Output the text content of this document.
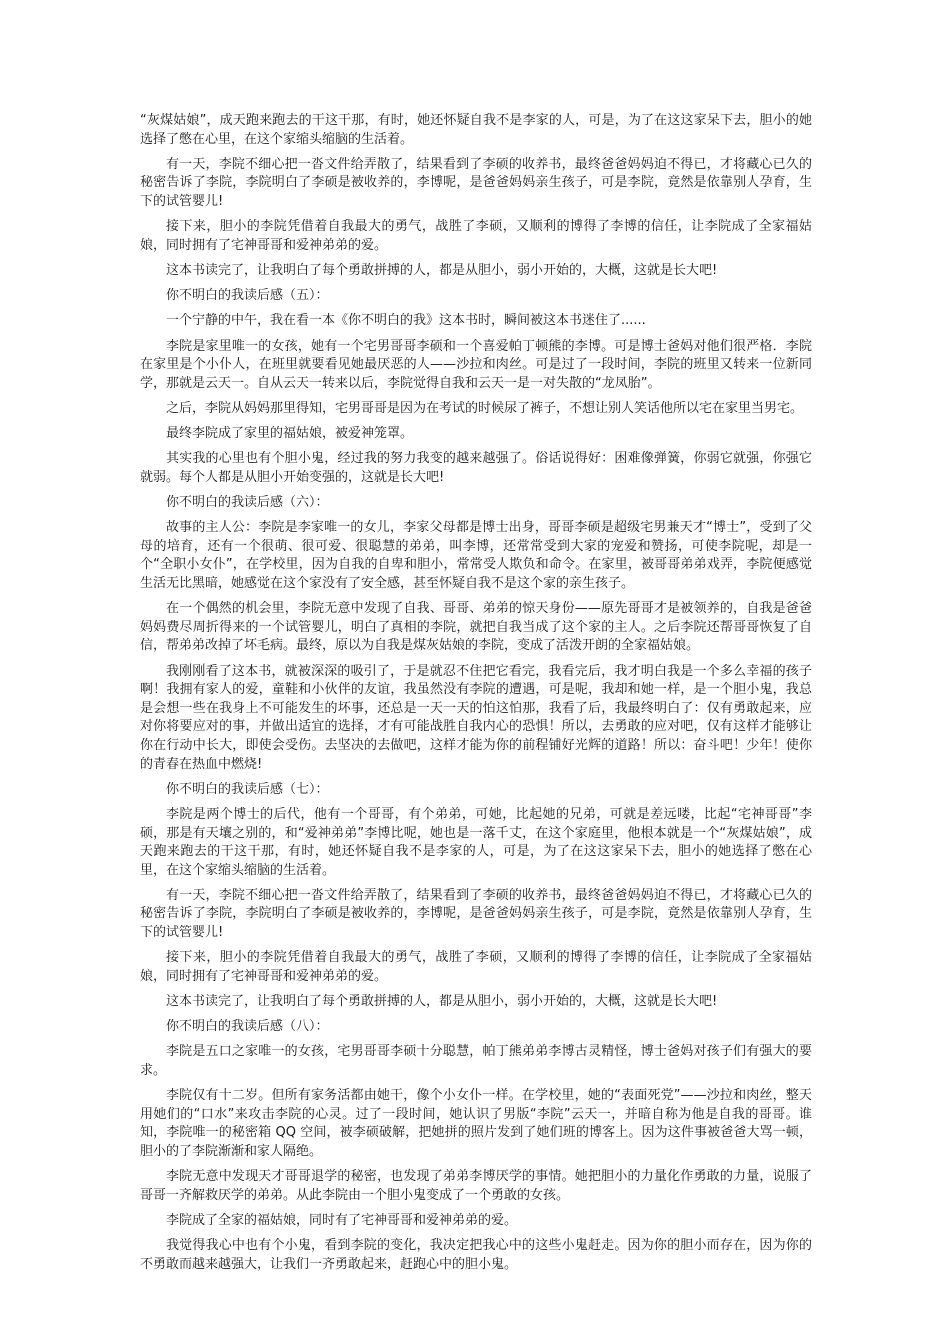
“灰煤姑娘”，成天跑来跑去的干这干那，有时，她还怀疑自我不是李家的人，可是，为了在这这家呆下去，胆小的她选择了憋在心里，在这个家缩头缩脑的生活着。

有一天，李院不细心把一沓文件给弄散了，结果看到了李硕的收养书，最终爸爸妈妈迫不得已，才将藏心已久的秘密告诉了李院，李院明白了李硕是被收养的，李博呢，是爸爸妈妈亲生孩子，可是李院，竟然是依靠别人孕育，生下的试管婴儿!

接下来，胆小的李院凭借着自我最大的勇气，战胜了李硕，又顺利的博得了李博的信任，让李院成了全家福姑娘，同时拥有了宅神哥哥和爱神弟弟的爱。

这本书读完了，让我明白了每个勇敢拼搏的人，都是从胆小，弱小开始的，大概，这就是长大吧!

你不明白的我读后感（五）：

一个宁静的中午，我在看一本《你不明白的我》这本书时，瞬间被这本书迷住了......

李院是家里唯一的女孩，她有一个宅男哥哥李硕和一个喜爱帕丁顿熊的李博。可是博士爸妈对他们很严格．李院在家里是个小仆人，在班里就要看见她最厌恶的人——沙拉和肉丝。可是过了一段时间，李院的班里又转来一位新同学，那就是云天一。自从云天一转来以后，李院觉得自我和云天一是一对失散的“龙凤胎”。

之后，李院从妈妈那里得知，宅男哥哥是因为在考试的时候尿了裤子，不想让别人笑话他所以宅在家里当男宅。

最终李院成了家里的福姑娘，被爱神笼罩。

其实我的心里也有个胆小鬼，经过我的努力我变的越来越强了。俗话说得好：困难像弹簧，你弱它就强，你强它就弱。每个人都是从胆小开始变强的，这就是长大吧!

你不明白的我读后感（六）：

故事的主人公：李院是李家唯一的女儿，李家父母都是博士出身，哥哥李硕是超级宅男兼天才“博士”，受到了父母的培育，还有一个很萌、很可爱、很聪慧的弟弟，叫李博，还常常受到大家的宠爱和赞扬，可使李院呢，却是一个“全职小女仆”，在学校里，因为自我的自卑和胆小，常常受人欺负和命令。在家里，被哥哥弟弟戏弄，李院便感觉生活无比黑暗，她感觉在这个家没有了安全感，甚至怀疑自我不是这个家的亲生孩子。

在一个偶然的机会里，李院无意中发现了自我、哥哥、弟弟的惊天身份——原先哥哥才是被领养的，自我是爸爸妈妈费尽周折得来的一个试管婴儿，明白了真相的李院，就把自我当成了这个家的主人。之后李院还帮哥哥恢复了自信，帮弟弟改掉了坏毛病。最终，原以为自我是煤灰姑娘的李院，变成了活泼开朗的全家福姑娘。

我刚刚看了这本书，就被深深的吸引了，于是就忍不住把它看完，我看完后，我才明白我是一个多么幸福的孩子啊！我拥有家人的爱，童鞋和小伙伴的友谊，我虽然没有李院的遭遇，可是呢，我却和她一样，是一个胆小鬼，我总是会想一些在我身上不可能发生的坏事，还总是一天一天的怕这怕那，我看了后，我最终明白了：仅有勇敢起来，应对你将要应对的事，并做出适宜的选择，才有可能战胜自我内心的恐惧！所以，去勇敢的应对吧，仅有这样才能够让你在行动中长大，即使会受伤。去坚决的去做吧，这样才能为你的前程铺好光辉的道路！所以：奋斗吧！少年！使你的青春在热血中燃烧!

你不明白的我读后感（七）：

李院是两个博士的后代，他有一个哥哥，有个弟弟，可她，比起她的兄弟，可就是差远喽，比起“宅神哥哥”李硕，那是有天壤之别的，和“爱神弟弟”李博比呢，她也是一落千丈，在这个家庭里，他根本就是一个“灰煤姑娘”，成天跑来跑去的干这干那，有时，她还怀疑自我不是李家的人，可是，为了在这这家呆下去，胆小的她选择了憋在心里，在这个家缩头缩脑的生活着。

有一天，李院不细心把一沓文件给弄散了，结果看到了李硕的收养书，最终爸爸妈妈迫不得已，才将藏心已久的秘密告诉了李院，李院明白了李硕是被收养的，李博呢，是爸爸妈妈亲生孩子，可是李院，竟然是依靠别人孕育，生下的试管婴儿!

接下来，胆小的李院凭借着自我最大的勇气，战胜了李硕，又顺利的博得了李博的信任，让李院成了全家福姑娘，同时拥有了宅神哥哥和爱神弟弟的爱。

这本书读完了，让我明白了每个勇敢拼搏的人，都是从胆小，弱小开始的，大概，这就是长大吧!

你不明白的我读后感（八）：

李院是五口之家唯一的女孩，宅男哥哥李硕十分聪慧，帕丁熊弟弟李博古灵精怪，博士爸妈对孩子们有强大的要求。

李院仅有十二岁。但所有家务活都由她干，像个小女仆一样。在学校里，她的“表面死党”——沙拉和肉丝，整天用她们的“口水”来攻击李院的心灵。过了一段时间，她认识了男版“李院”云天一，并暗自称为他是自我的哥哥。谁知，李院唯一的秘密箱 QQ 空间，被李硕破解，把她拼的照片发到了她们班的博客上。因为这件事被爸爸大骂一顿，胆小的了李院渐渐和家人隔绝。

李院无意中发现天才哥哥退学的秘密，也发现了弟弟李博厌学的事情。她把胆小的力量化作勇敢的力量，说服了哥哥一齐解救厌学的弟弟。从此李院由一个胆小鬼变成了一个勇敢的女孩。

李院成了全家的福姑娘，同时有了宅神哥哥和爱神弟弟的爱。

我觉得我心中也有个小鬼，看到李院的变化，我决定把我心中的这些小鬼赶走。因为你的胆小而存在，因为你的不勇敢而越来越强大，让我们一齐勇敢起来，赶跑心中的胆小鬼。
